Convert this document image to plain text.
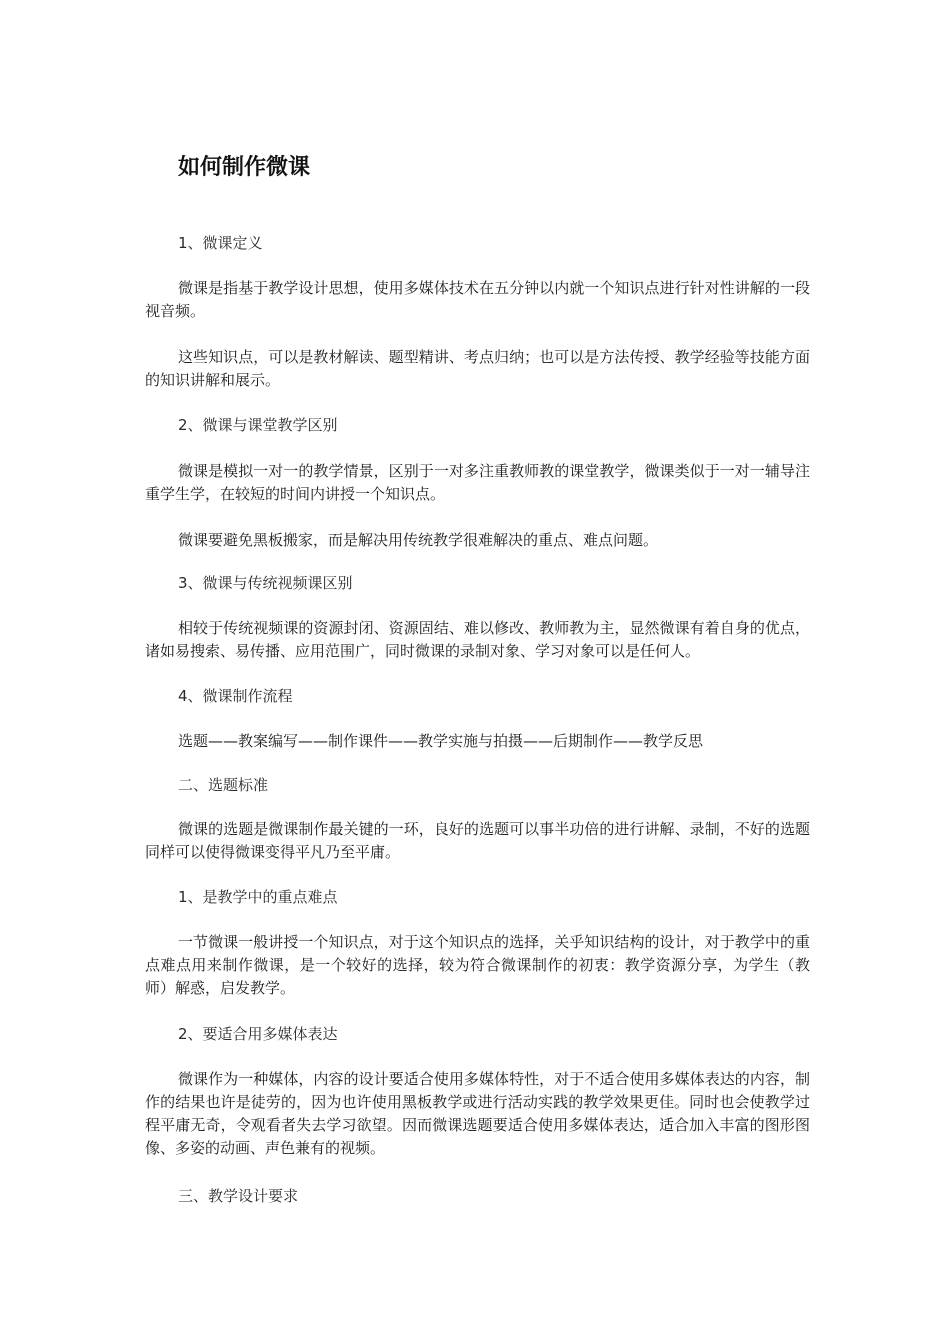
如何制作微课

1、微课定义

微课是指基于教学设计思想，使用多媒体技术在五分钟以内就一个知识点进行针对性讲解的一段视音频。

这些知识点，可以是教材解读、题型精讲、考点归纳；也可以是方法传授、教学经验等技能方面的知识讲解和展示。

2、微课与课堂教学区别

微课是模拟一对一的教学情景，区别于一对多注重教师教的课堂教学，微课类似于一对一辅导注重学生学，在较短的时间内讲授一个知识点。

微课要避免黑板搬家，而是解决用传统教学很难解决的重点、难点问题。

3、微课与传统视频课区别

相较于传统视频课的资源封闭、资源固结、难以修改、教师教为主，显然微课有着自身的优点，诸如易搜索、易传播、应用范围广，同时微课的录制对象、学习对象可以是任何人。

4、微课制作流程

选题——教案编写——制作课件——教学实施与拍摄——后期制作——教学反思

二、选题标准

微课的选题是微课制作最关键的一环，良好的选题可以事半功倍的进行讲解、录制，不好的选题同样可以使得微课变得平凡乃至平庸。

1、是教学中的重点难点

一节微课一般讲授一个知识点，对于这个知识点的选择，关乎知识结构的设计，对于教学中的重点难点用来制作微课，是一个较好的选择，较为符合微课制作的初衷：教学资源分享，为学生（教师）解惑，启发教学。

2、要适合用多媒体表达

微课作为一种媒体，内容的设计要适合使用多媒体特性，对于不适合使用多媒体表达的内容，制作的结果也许是徒劳的，因为也许使用黑板教学或进行活动实践的教学效果更佳。同时也会使教学过程平庸无奇，令观看者失去学习欲望。因而微课选题要适合使用多媒体表达，适合加入丰富的图形图像、多姿的动画、声色兼有的视频。

三、教学设计要求
